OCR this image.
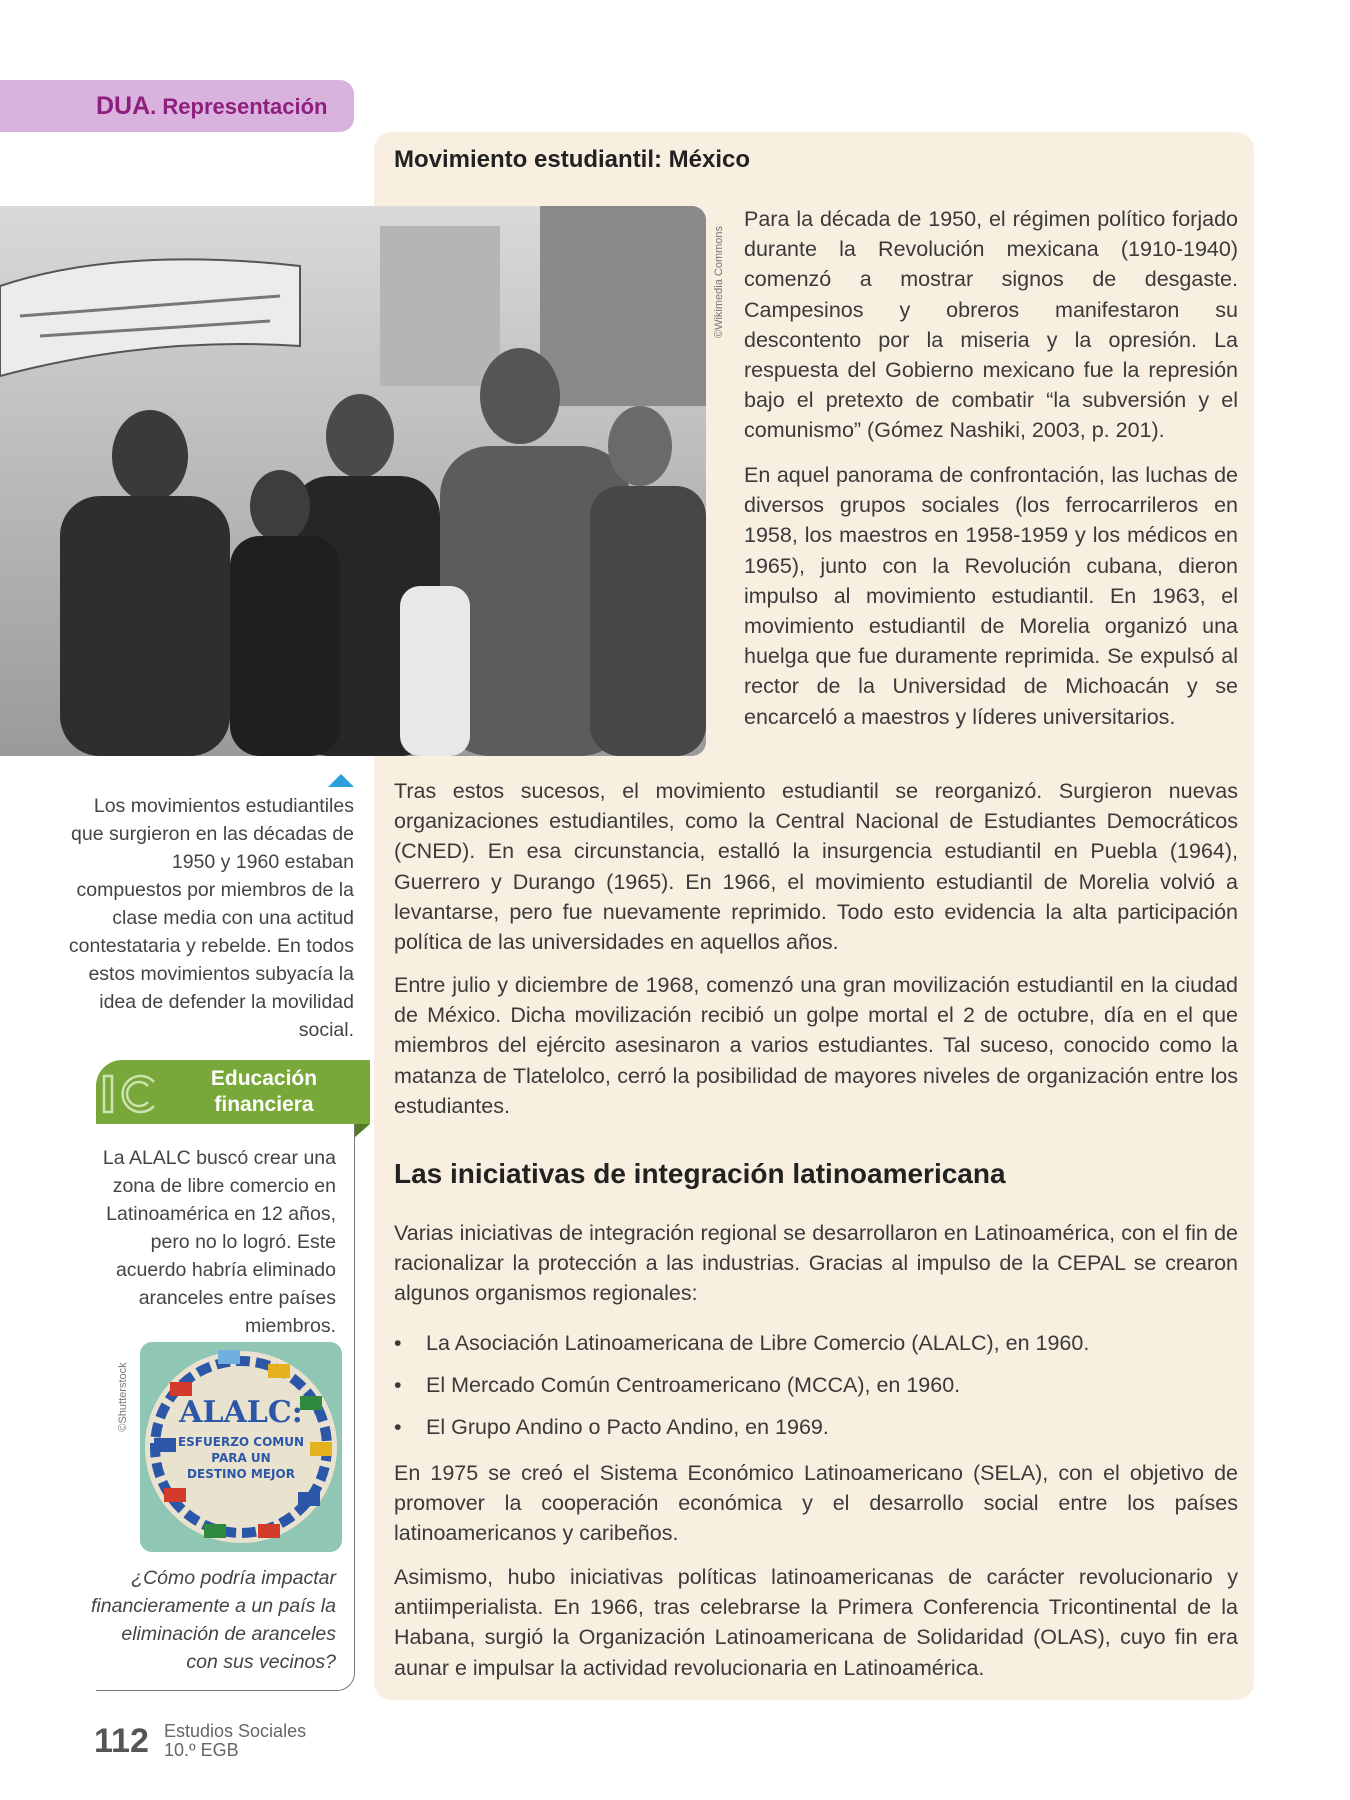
DUA. Representación
Movimiento estudiantil: México
©Wikimedia Commons

Para la década de 1950, el régimen político forjado durante la Revolución mexicana (1910-1940) comenzó a mostrar signos de desgaste. Campesinos y obreros manifestaron su descontento por la miseria y la opresión. La respuesta del Gobierno mexicano fue la represión bajo el pretexto de combatir “la subversión y el comunismo” (Gómez Nashiki, 2003, p. 201).

En aquel panorama de confrontación, las luchas de diversos grupos sociales (los ferrocarrileros en 1958, los maestros en 1958-1959 y los médicos en 1965), junto con la Revolución cubana, dieron impulso al movimiento estudiantil. En 1963, el movimiento estudiantil de Morelia organizó una huelga que fue duramente reprimida. Se expulsó al rector de la Universidad de Michoacán y se encarceló a maestros y líderes universitarios.

Tras estos sucesos, el movimiento estudiantil se reorganizó. Surgieron nuevas organizaciones estudiantiles, como la Central Nacional de Estudiantes Democráticos (CNED). En esa circunstancia, estalló la insurgencia estudiantil en Puebla (1964), Guerrero y Durango (1965). En 1966, el movimiento estudiantil de Morelia volvió a levantarse, pero fue nuevamente reprimido. Todo esto evidencia la alta participación política de las universidades en aquellos años.

Entre julio y diciembre de 1968, comenzó una gran movilización estudiantil en la ciudad de México. Dicha movilización recibió un golpe mortal el 2 de octubre, día en el que miembros del ejército asesinaron a varios estudiantes. Tal suceso, conocido como la matanza de Tlatelolco, cerró la posibilidad de mayores niveles de organización entre los estudiantes.

Los movimientos estudiantiles que surgieron en las décadas de 1950 y 1960 estaban compuestos por miembros de la clase media con una actitud contestataria y rebelde. En todos estos movimientos subyacía la idea de defender la movilidad social.

Educación financiera

La ALALC buscó crear una zona de libre comercio en Latinoamérica en 12 años, pero no lo logró. Este acuerdo habría eliminado aranceles entre países miembros.

©Shutterstock ALALC:
ESFUERZO COMUN
PARA UN
DESTINO MEJOR

¿Cómo podría impactar financieramente a un país la eliminación de aranceles con sus vecinos?

Las iniciativas de integración latinoamericana

Varias iniciativas de integración regional se desarrollaron en Latinoamérica, con el fin de racionalizar la protección a las industrias. Gracias al impulso de la CEPAL se crearon algunos organismos regionales:

• La Asociación Latinoamericana de Libre Comercio (ALALC), en 1960.
• El Mercado Común Centroamericano (MCCA), en 1960.
• El Grupo Andino o Pacto Andino, en 1969.

En 1975 se creó el Sistema Económico Latinoamericano (SELA), con el objetivo de promover la cooperación económica y el desarrollo social entre los países latinoamericanos y caribeños.

Asimismo, hubo iniciativas políticas latinoamericanas de carácter revolucionario y antiimperialista. En 1966, tras celebrarse la Primera Conferencia Tricontinental de la Habana, surgió la Organización Latinoamericana de Solidaridad (OLAS), cuyo fin era aunar e impulsar la actividad revolucionaria en Latinoamérica.

112 Estudios Sociales
10.º EGB
